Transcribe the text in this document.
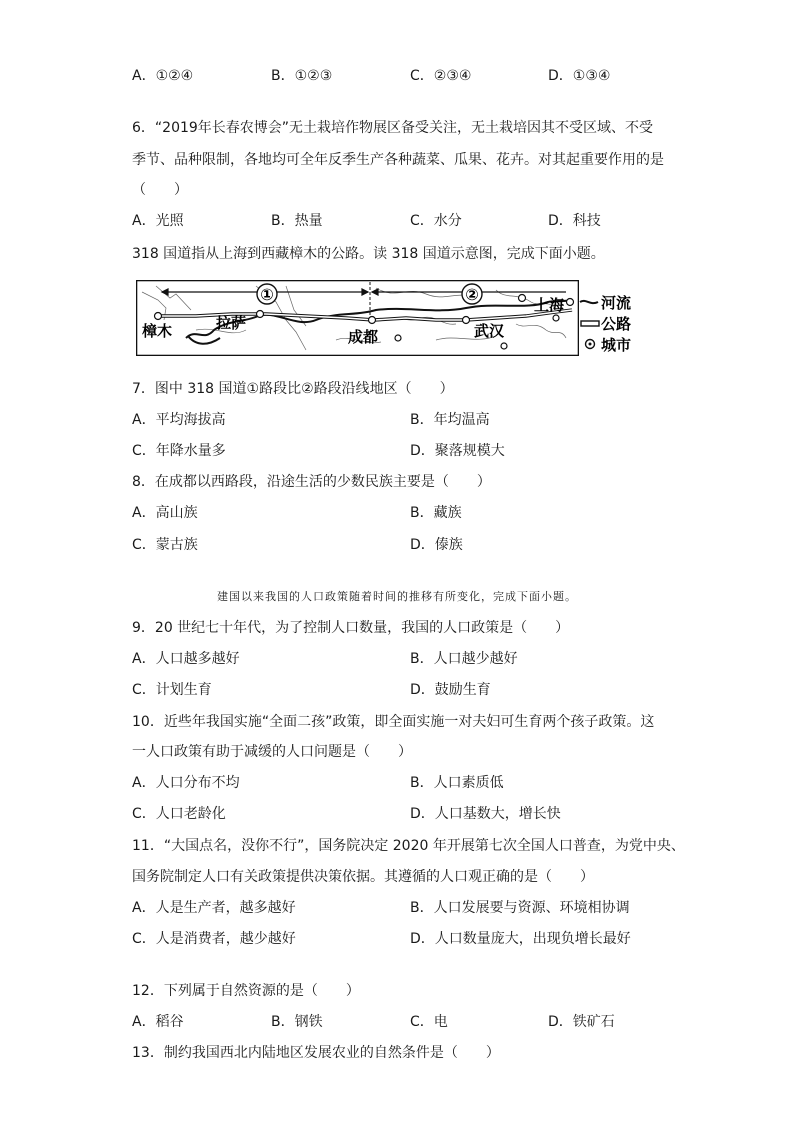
A．①②④	B．①②③	C．②③④	D．①③④
6．“2019年长春农博会”无土栽培作物展区备受关注，无土栽培因其不受区域、不受
季节、品种限制，各地均可全年反季生产各种蔬菜、瓜果、花卉。对其起重要作用的是
（　　）
A．光照	B．热量	C．水分	D．科技
318 国道指从上海到西藏樟木的公路。读 318 国道示意图，完成下面小题。
①	②
樟木	拉萨
成都	武汉
上海 河流
公路
城市
7．图中 318 国道①路段比②路段沿线地区（　　）
A．平均海拔高	B．年均温高
C．年降水量多	D．聚落规模大
8．在成都以西路段，沿途生活的少数民族主要是（　　）
A．高山族	B．藏族
C．蒙古族	D．傣族
建国以来我国的人口政策随着时间的推移有所变化，完成下面小题。
9．20 世纪七十年代，为了控制人口数量，我国的人口政策是（　　）
A．人口越多越好	B．人口越少越好
C．计划生育	D．鼓励生育
10．近些年我国实施“全面二孩”政策，即全面实施一对夫妇可生育两个孩子政策。这
一人口政策有助于减缓的人口问题是（　　）
A．人口分布不均	B．人口素质低
C．人口老龄化	D．人口基数大，增长快
11．“大国点名，没你不行”，国务院决定 2020 年开展第七次全国人口普查，为党中央、
国务院制定人口有关政策提供决策依据。其遵循的人口观正确的是（　　）
A．人是生产者，越多越好	B．人口发展要与资源、环境相协调
C．人是消费者，越少越好	D．人口数量庞大，出现负增长最好
12．下列属于自然资源的是（　　）
A．稻谷	B．钢铁	C．电	D．铁矿石
13．制约我国西北内陆地区发展农业的自然条件是（　　）
